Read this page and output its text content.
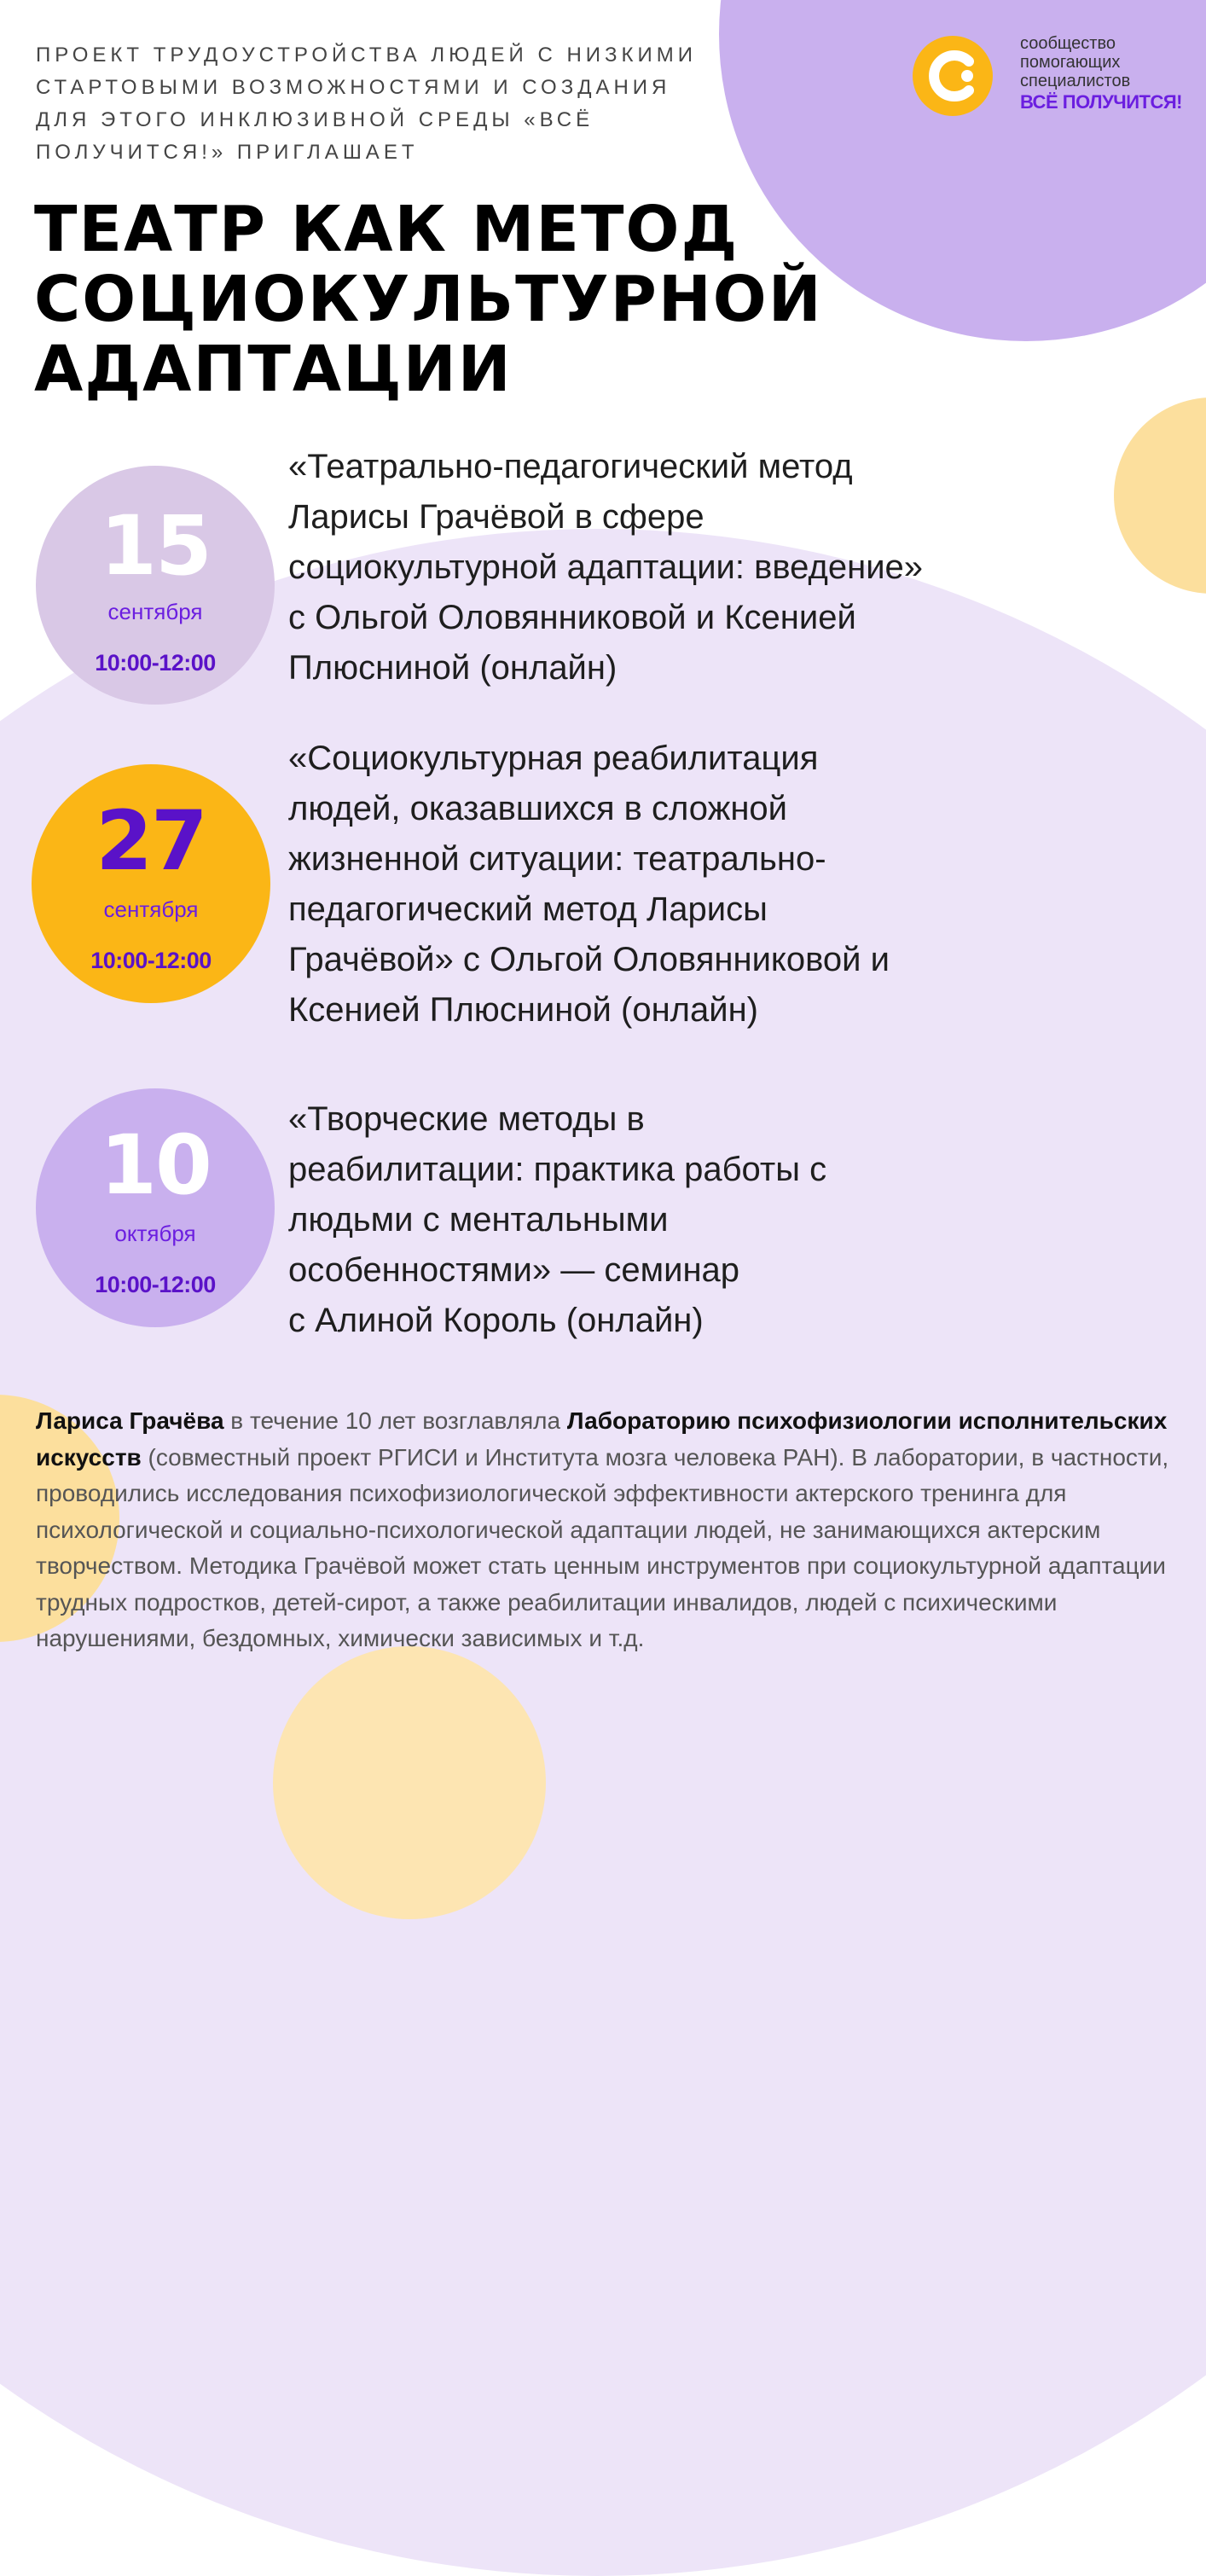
ПРОЕКТ ТРУДОУСТРОЙСТВА ЛЮДЕЙ С НИЗКИМИ СТАРТОВЫМИ ВОЗМОЖНОСТЯМИ И СОЗДАНИЯ ДЛЯ ЭТОГО ИНКЛЮЗИВНОЙ СРЕДЫ «ВСЁ ПОЛУЧИТСЯ!» ПРИГЛАШАЕТ
сообщество
помогающих
специалистов
ВСЁ ПОЛУЧИТСЯ!
ТЕАТР КАК МЕТОД СОЦИОКУЛЬТУРНОЙ АДАПТАЦИИ
15
сентября
10:00-12:00
«Театрально-педагогический метод
Ларисы Грачёвой в сфере
социокультурной адаптации: введение»
с Ольгой Оловянниковой и Ксенией
Плюсниной (онлайн)
27
сентября
10:00-12:00
«Социокультурная реабилитация
людей, оказавшихся в сложной
жизненной ситуации: театрально-
педагогический метод Ларисы
Грачёвой» с Ольгой Оловянниковой и
Ксенией Плюсниной (онлайн)
10
октября
10:00-12:00
«Творческие методы в
реабилитации: практика работы с
людьми с ментальными
особенностями» — семинар
с Алиной Король (онлайн)

Лариса Грачёва в течение 10 лет возглавляла Лабораторию психофизиологии исполнительских искусств (совместный проект РГИСИ и Института мозга человека РАН). В лаборатории, в частности, проводились исследования психофизиологической эффективности актерского тренинга для психологической и социально-психологической адаптации людей, не занимающихся актерским творчеством. Методика Грачёвой может стать ценным инструментов при социокультурной адаптации трудных подростков, детей-сирот, а также реабилитации инвалидов, людей с психическими нарушениями, бездомных, химически зависимых и т.д.
